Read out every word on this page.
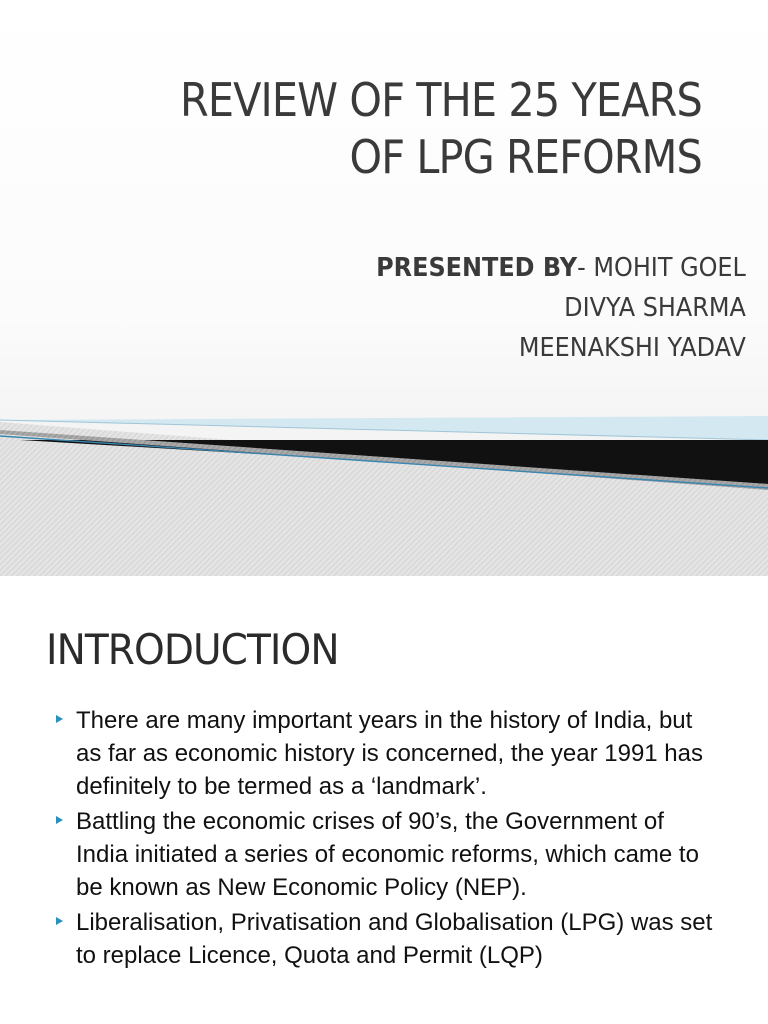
REVIEW OF THE 25 YEARS
OF LPG REFORMS
PRESENTED BY- MOHIT GOEL
DIVYA SHARMA
MEENAKSHI YADAV
INTRODUCTION
There are many important years in the history of India, but as far as economic history is concerned, the year 1991 has definitely to be termed as a ‘landmark’.
Battling the economic crises of 90’s, the Government of India initiated a series of economic reforms, which came to be known as New Economic Policy (NEP).
Liberalisation, Privatisation and Globalisation (LPG) was set to replace Licence, Quota and Permit (LQP)
